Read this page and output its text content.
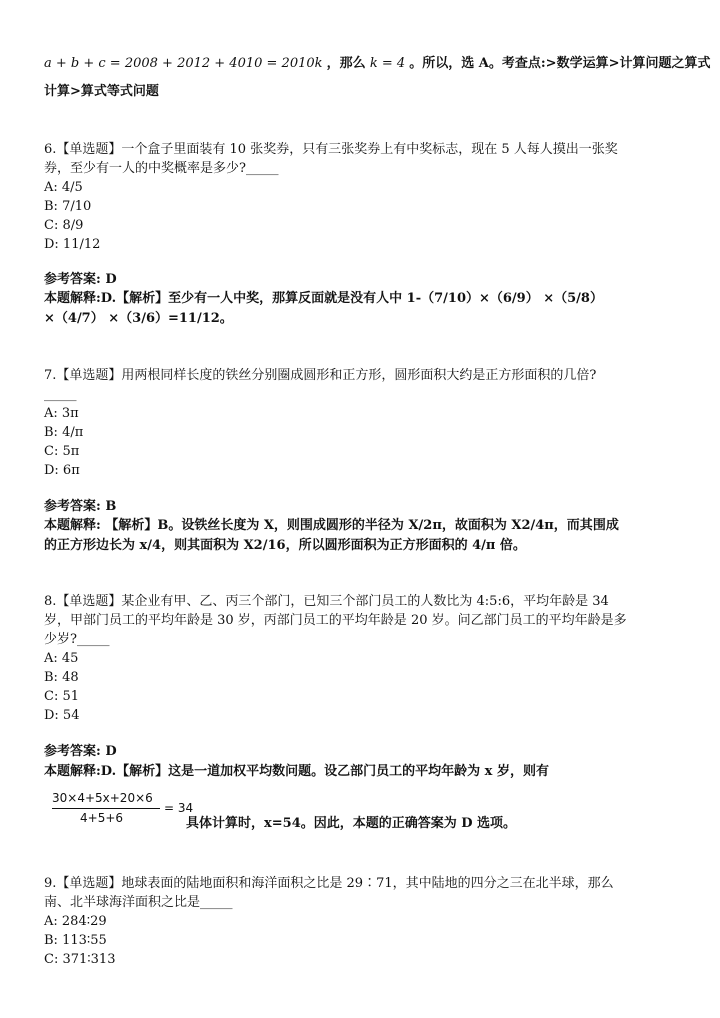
a + b + c = 2008 + 2012 + 4010 = 2010k ，那么 k = 4 。所以，选 A。考查点:>数学运算>计算问题之算式
计算>算式等式问题
6.【单选题】一个盒子里面装有 10 张奖券，只有三张奖券上有中奖标志，现在 5 人每人摸出一张奖
券，至少有一人的中奖概率是多少?_____
A: 4/5
B: 7/10
C: 8/9
D: 11/12
参考答案: D
本题解释:D.【解析】至少有一人中奖，那算反面就是没有人中 1-（7/10）×（6/9） ×（5/8）
×（4/7） ×（3/6）=11/12。
7.【单选题】用两根同样长度的铁丝分别圈成圆形和正方形，圆形面积大约是正方形面积的几倍?
_____
A: 3π
B: 4/π
C: 5π
D: 6π
参考答案: B
本题解释: 【解析】B。设铁丝长度为 X，则围成圆形的半径为 X/2π，故面积为 X2/4π，而其围成
的正方形边长为 x/4，则其面积为 X2/16，所以圆形面积为正方形面积的 4/π 倍。
8.【单选题】某企业有甲、乙、丙三个部门，已知三个部门员工的人数比为 4:5:6，平均年龄是 34
岁，甲部门员工的平均年龄是 30 岁，丙部门员工的平均年龄是 20 岁。问乙部门员工的平均年龄是多
少岁?_____
A: 45
B: 48
C: 51
D: 54
参考答案: D
本题解释:D.【解析】这是一道加权平均数问题。设乙部门员工的平均年龄为 x 岁，则有
30×4+5x+20×6
4+5+6
= 34
具体计算时，x=54。因此，本题的正确答案为 D 选项。
9.【单选题】地球表面的陆地面积和海洋面积之比是 29∶71，其中陆地的四分之三在北半球，那么
南、北半球海洋面积之比是_____
A: 284∶29
B: 113∶55
C: 371∶313
